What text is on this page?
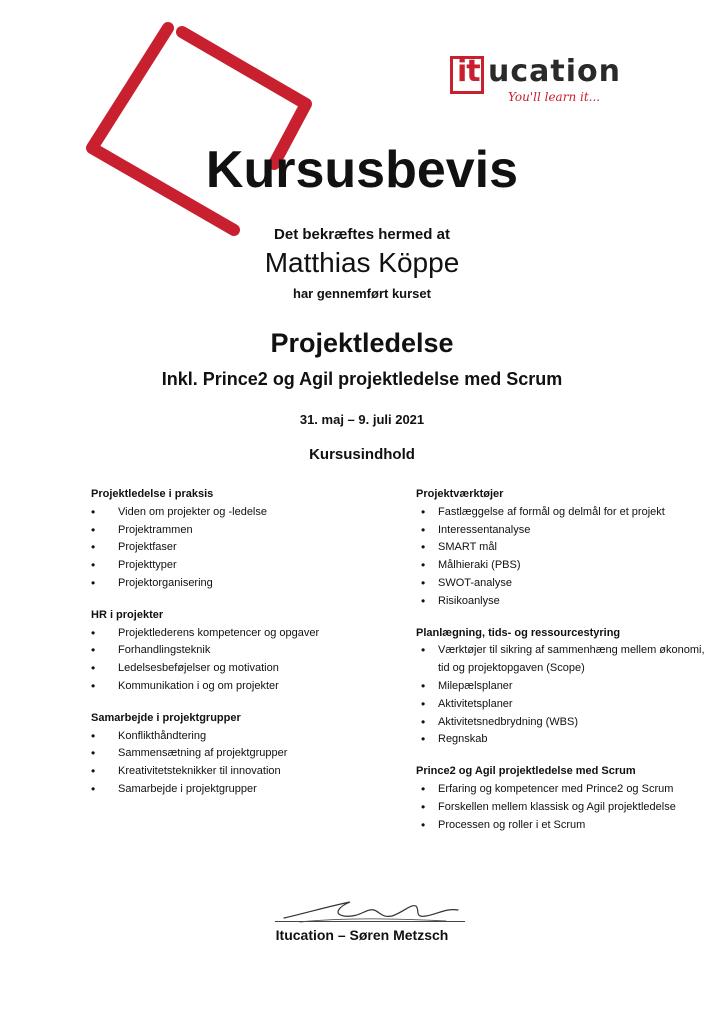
it ucation
You'll learn it...
Kursusbevis
Det bekræftes hermed at
Matthias Köppe
har gennemført kurset
Projektledelse
Inkl. Prince2 og Agil projektledelse med Scrum
31. maj – 9. juli 2021
Kursusindhold

Projektledelse i praksis

• Viden om projekter og -ledelse
• Projektrammen
• Projektfaser
• Projekttyper
• Projektorganisering

HR i projekter

• Projektlederens kompetencer og opgaver
• Forhandlingsteknik
• Ledelsesbeføjelser og motivation
• Kommunikation i og om projekter

Samarbejde i projektgrupper

• Konflikthåndtering
• Sammensætning af projektgrupper
• Kreativitetsteknikker til innovation
• Samarbejde i projektgrupper

Projektværktøjer

• Fastlæggelse af formål og delmål for et projekt
• Interessentanalyse
• SMART mål
• Målhieraki (PBS)
• SWOT-analyse
• Risikoanlyse

Planlægning, tids- og ressourcestyring

• Værktøjer til sikring af sammenhæng mellem økonomi, tid og projektopgaven (Scope)
• Milepælsplaner
• Aktivitetsplaner
• Aktivitetsnedbrydning (WBS)
• Regnskab

Prince2 og Agil projektledelse med Scrum

• Erfaring og kompetencer med Prince2 og Scrum
• Forskellen mellem klassisk og Agil projektledelse
• Processen og roller i et Scrum
Itucation – Søren Metzsch
